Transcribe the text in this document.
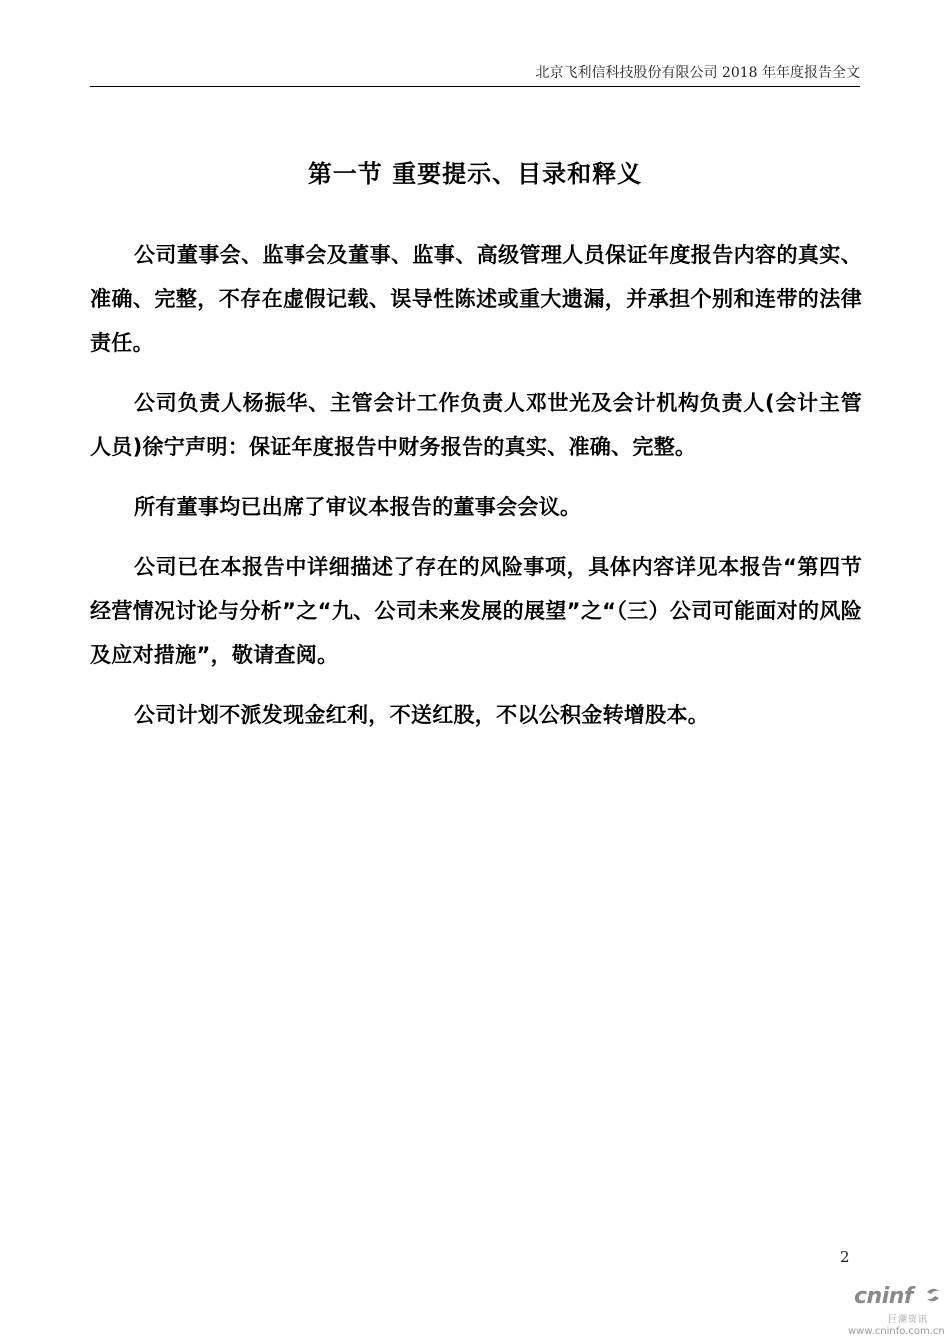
北京飞利信科技股份有限公司 2018 年年度报告全文
第一节 重要提示、目录和释义

公司董事会、监事会及董事、监事、高级管理人员保证年度报告内容的真实、准确、完整，不存在虚假记载、误导性陈述或重大遗漏，并承担个别和连带的法律责任。

公司负责人杨振华、主管会计工作负责人邓世光及会计机构负责人(会计主管人员)徐宁声明：保证年度报告中财务报告的真实、准确、完整。

所有董事均已出席了审议本报告的董事会会议。

公司已在本报告中详细描述了存在的风险事项，具体内容详见本报告“第四节经营情况讨论与分析”之“九、公司未来发展的展望”之“（三）公司可能面对的风险及应对措施”，敬请查阅。

公司计划不派发现金红利，不送红股，不以公积金转增股本。

2
cninf
巨潮资讯
www.cninfo.com.cn
